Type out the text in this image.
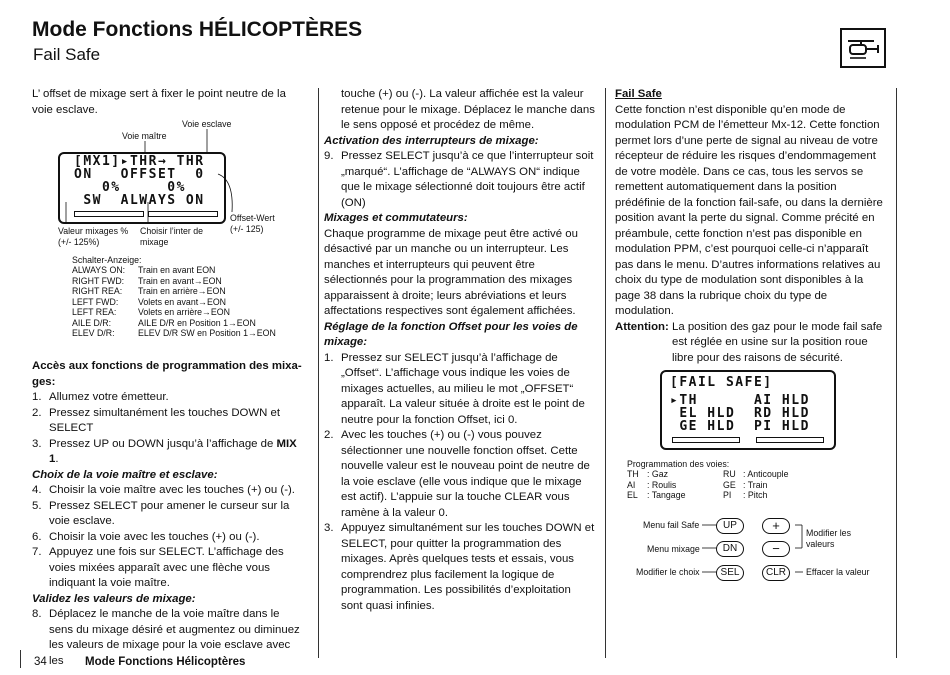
Mode Fonctions HÉLICOPTÈRES
Fail Safe

L’ offset de mixage sert à fixer le point neutre de la voie esclave.

Voie maître
Voie esclave
[MX1]▸THR→ THR
ON   OFFSET  0
0%     0%
SW  ALWAYS ON
Valeur mixages %
(+/- 125%)
Choisir l’inter de
mixage
Offset-Wert
(+/- 125)
Schalter-Anzeige:
ALWAYS ON:	Train en avant EON
RIGHT FWD:	Train en avant→EON
RIGHT REA:	Train en arrière→EON
LEFT FWD:	Volets en avant→EON
LEFT REA:	Volets en arrière→EON
AILE D/R:	AILE D/R en Position 1→EON
ELEV D/R:	ELEV D/R SW en Position 1→EON

Accès aux fonctions de programmation des mixa-ges:

1. Allumez votre émetteur.
2. Pressez simultanément les touches DOWN et SELECT
3. Pressez UP ou DOWN jusqu’à l’affichage de MIX 1.

Choix de la voie maître et esclave:

4. Choisir la voie maître avec les touches (+) ou (-).
5. Pressez SELECT pour amener le curseur sur la voie esclave.
6. Choisir la voie avec les touches (+) ou (-).
7. Appuyez une fois sur SELECT. L’affichage des voies mixées apparaît avec une flèche vous indiquant la voie maître.

Validez les valeurs de mixage:

8. Déplacez le manche de la voie maître dans le sens du mixage désiré et augmentez ou diminuez les valeurs de mixage pour la voie esclave avec les
touche (+) ou (-). La valeur affichée est la valeur retenue pour le mixage. Déplacez le manche dans le sens opposé et procédez de même.

Activation des interrupteurs de mixage:

9. Pressez SELECT jusqu’à ce que l’interrupteur soit „marqué“. L’affichage de “ALWAYS ON“ indique que le mixage sélectionné doit toujours être actif (ON)

Mixages et commutateurs:

Chaque programme de mixage peut être activé ou désactivé par un manche ou un interrupteur. Les manches et interrupteurs qui peuvent être sélectionnés pour la programmation des mixages apparaissent à droite; leurs abréviations et leurs affectations respectives sont également affichées.

Réglage de la fonction Offset pour les voies de mixage:

1. Pressez sur SELECT jusqu’à l’affichage de „Offset“. L’affichage vous indique les voies de mixages actuelles, au milieu le mot „OFFSET“ apparaît. La valeur située à droite est le point de neutre pour la fonction Offset, ici 0.
2. Avec les touches (+) ou (-) vous pouvez sélectionner une nouvelle fonction offset. Cette nouvelle valeur est le nouveau point de neutre de la voie esclave (elle vous indique que le mixage est actif). L’appuie sur la touche CLEAR vous ramène à la valeur 0.
3. Appuyez simultanément sur les touches DOWN et SELECT, pour quitter la programmation des mixages. Après quelques tests et essais, vous comprendrez plus facilement la logique de programmation. Les possibilités d’exploitation sont quasi infinies.

Fail Safe

Cette fonction n’est disponible qu’en mode de modulation PCM de l’émetteur Mx-12. Cette fonction permet lors d’une perte de signal au niveau de votre récepteur de réduire les risques d’endommagement de votre modèle. Dans ce cas, tous les servos se remettent automatiquement dans la position prédéfinie de la fonction fail-safe, ou dans la dernière position avant la perte du signal. Comme précité en préambule, cette fonction n’est pas disponible en modulation PPM, c’est pourquoi celle-ci n’apparaît pas dans le menu. D’autres informations relatives au choix du type de modulation sont disponibles à la page 38 dans la rubrique choix du type de modulation.

Attention: La position des gaz pour le mode fail safe est réglée en usine sur la position roue libre pour des raisons de sécurité.
[FAIL SAFE]
▸TH      AI HLD
EL HLD  RD HLD
GE HLD  PI HLD
Programmation des voies:
TH : Gaz	RU : Anticouple
AI	: Roulis	GE : Train
EL	: Tangage	PI	: Pitch
Menu fail Safe
Menu mixage
Modifier le choix
UP
DN
SEL
+
−
CLR
Modifier les
valeurs
Effacer la valeur
34	Mode Fonctions Hélicoptères
